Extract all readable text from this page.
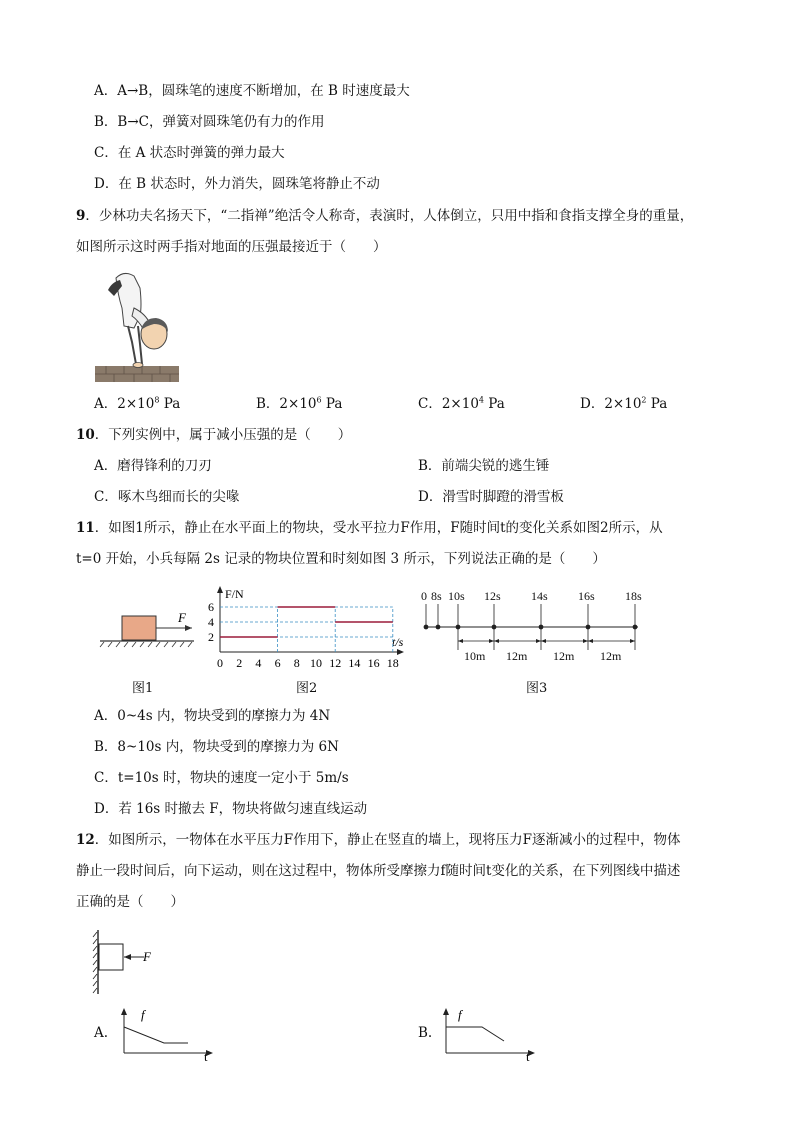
A．A→B，圆珠笔的速度不断增加，在 B 时速度最大
B．B→C，弹簧对圆珠笔仍有力的作用
C．在 A 状态时弹簧的弹力最大
D．在 B 状态时，外力消失，圆珠笔将静止不动
9．少林功夫名扬天下，“二指禅”绝活令人称奇，表演时，人体倒立，只用中指和食指支撑全身的重量，
如图所示这时两手指对地面的压强最接近于（　　）
A．$2\times 10^8$ Pa	B．$2\times 10^6$ Pa	C．$2\times 10^4$ Pa	D．$2\times 10^2$ Pa
10．下列实例中，属于减小压强的是（　　）
A．磨得锋利的刀刃	B．前端尖锐的逃生锤
C．啄木鸟细而长的尖喙	D．滑雪时脚蹬的滑雪板
11．如图1所示，静止在水平面上的物块，受水平拉力F作用，F随时间t的变化关系如图2所示，从
t=0 开始，小兵每隔 2s 记录的物块位置和时刻如图 3 所示，下列说法正确的是（　　）
F
图1
F/N
t/s
2
4
6
0 2 4 6 8 10 12 14 16 18
图2
0 8s 10s 12s	14s	16s	18s
10m 12m 12m 12m
图3
A．0~4s 内，物块受到的摩擦力为 4N
B．8~10s 内，物块受到的摩擦力为 6N
C．t=10s 时，物块的速度一定小于 5m/s
D．若 16s 时撤去 F，物块将做匀速直线运动
12．如图所示，一物体在水平压力F作用下，静止在竖直的墙上，现将压力F逐渐减小的过程中，物体
静止一段时间后，向下运动，则在这过程中，物体所受摩擦力f随时间t变化的关系，在下列图线中描述
正确的是（　　）
F
A.
f
t
B.
f
t
